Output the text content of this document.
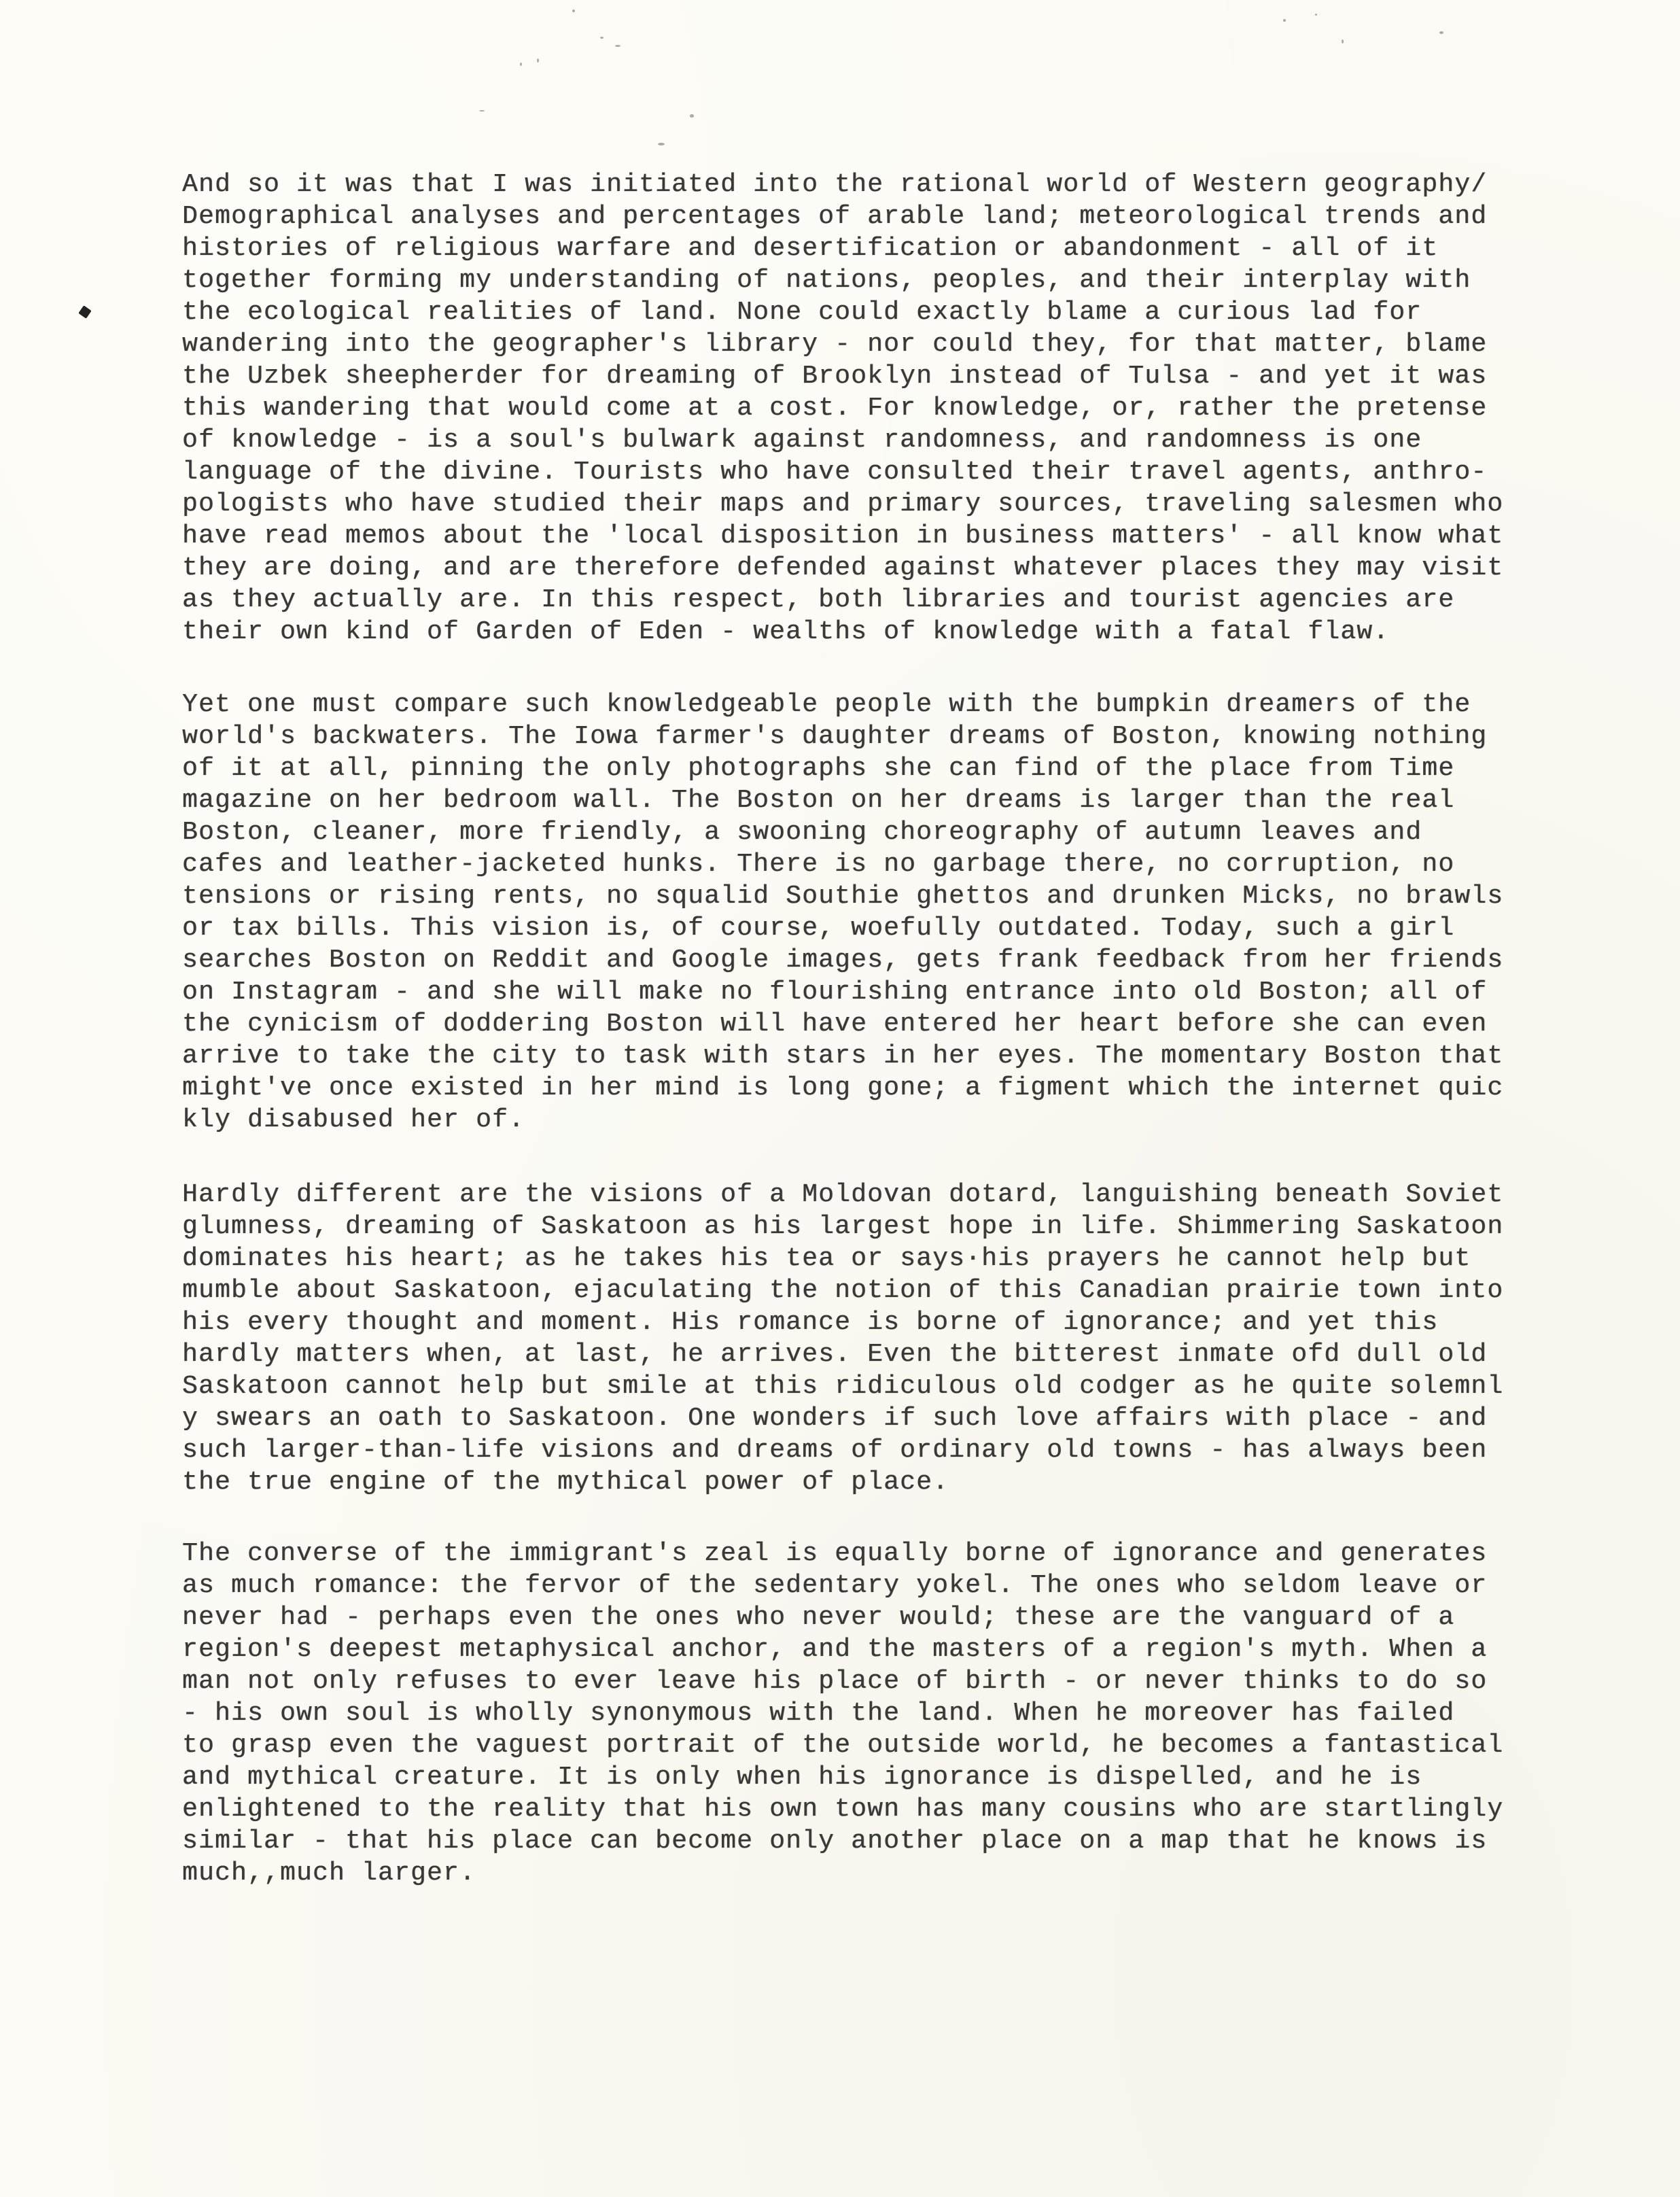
And so it was that I was initiated into the rational world of Western geography/
Demographical analyses and percentages of arable land; meteorological trends and
histories of religious warfare and desertification or abandonment - all of it
together forming my understanding of nations, peoples, and their interplay with
the ecological realities of land. None could exactly blame a curious lad for
wandering into the geographer's library - nor could they, for that matter, blame
the Uzbek sheepherder for dreaming of Brooklyn instead of Tulsa - and yet it was
this wandering that would come at a cost. For knowledge, or, rather the pretense
of knowledge - is a soul's bulwark against randomness, and randomness is one
language of the divine. Tourists who have consulted their travel agents, anthro-
pologists who have studied their maps and primary sources, traveling salesmen who
have read memos about the 'local disposition in business matters' - all know what
they are doing, and are therefore defended against whatever places they may visit
as they actually are. In this respect, both libraries and tourist agencies are
their own kind of Garden of Eden - wealths of knowledge with a fatal flaw.
Yet one must compare such knowledgeable people with the bumpkin dreamers of the
world's backwaters. The Iowa farmer's daughter dreams of Boston, knowing nothing
of it at all, pinning the only photographs she can find of the place from Time
magazine on her bedroom wall. The Boston on her dreams is larger than the real
Boston, cleaner, more friendly, a swooning choreography of autumn leaves and
cafes and leather-jacketed hunks. There is no garbage there, no corruption, no
tensions or rising rents, no squalid Southie ghettos and drunken Micks, no brawls
or tax bills. This vision is, of course, woefully outdated. Today, such a girl
searches Boston on Reddit and Google images, gets frank feedback from her friends
on Instagram - and she will make no flourishing entrance into old Boston; all of
the cynicism of doddering Boston will have entered her heart before she can even
arrive to take the city to task with stars in her eyes. The momentary Boston that
might've once existed in her mind is long gone; a figment which the internet quic
kly disabused her of.
Hardly different are the visions of a Moldovan dotard, languishing beneath Soviet
glumness, dreaming of Saskatoon as his largest hope in life. Shimmering Saskatoon
dominates his heart; as he takes his tea or says·his prayers he cannot help but
mumble about Saskatoon, ejaculating the notion of this Canadian prairie town into
his every thought and moment. His romance is borne of ignorance; and yet this
hardly matters when, at last, he arrives. Even the bitterest inmate ofd dull old
Saskatoon cannot help but smile at this ridiculous old codger as he quite solemnl
y swears an oath to Saskatoon. One wonders if such love affairs with place - and
such larger-than-life visions and dreams of ordinary old towns - has always been
the true engine of the mythical power of place.
The converse of the immigrant's zeal is equally borne of ignorance and generates
as much romance: the fervor of the sedentary yokel. The ones who seldom leave or
never had - perhaps even the ones who never would; these are the vanguard of a
region's deepest metaphysical anchor, and the masters of a region's myth. When a
man not only refuses to ever leave his place of birth - or never thinks to do so
- his own soul is wholly synonymous with the land. When he moreover has failed
to grasp even the vaguest portrait of the outside world, he becomes a fantastical
and mythical creature. It is only when his ignorance is dispelled, and he is
enlightened to the reality that his own town has many cousins who are startlingly
similar - that his place can become only another place on a map that he knows is
much,,much larger.
